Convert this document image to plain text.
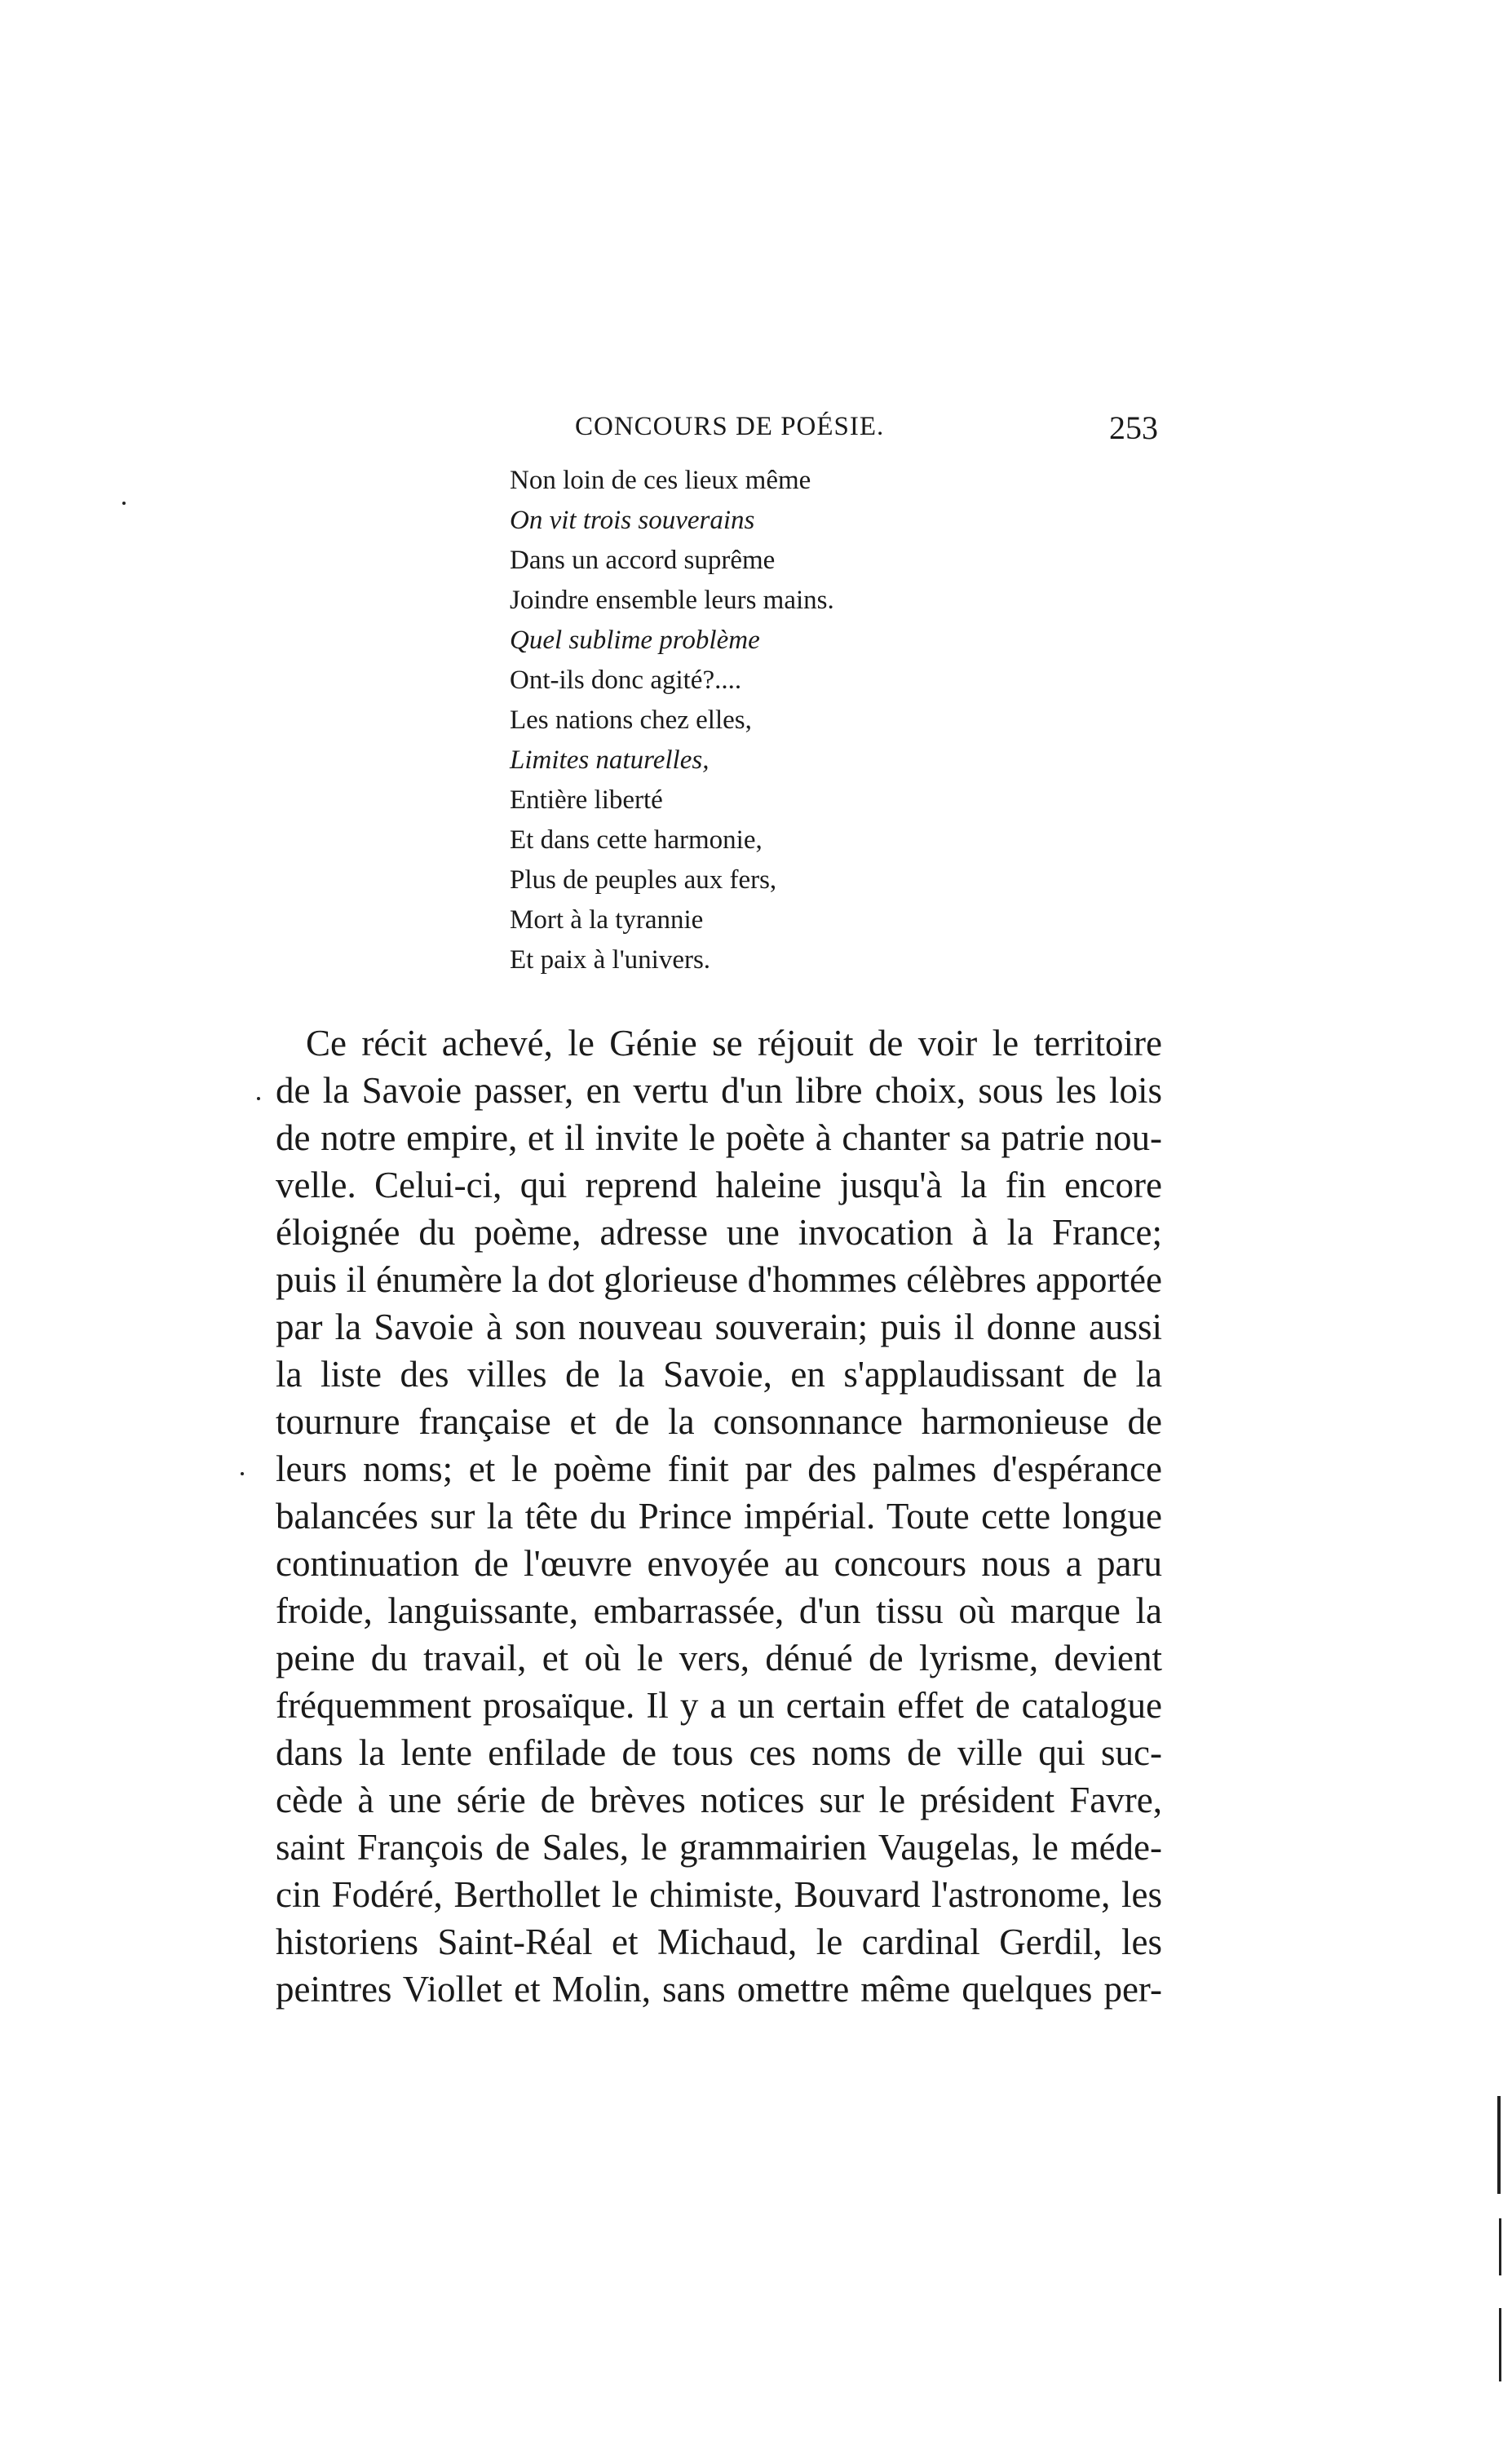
CONCOURS DE POÉSIE.	253
Non loin de ces lieux même
On vit trois souverains
Dans un accord suprême
Joindre ensemble leurs mains.
Quel sublime problème
Ont-ils donc agité?....
Les nations chez elles,
Limites naturelles,
Entière liberté
Et dans cette harmonie,
Plus de peuples aux fers,
Mort à la tyrannie
Et paix à l'univers.
Ce récit achevé, le Génie se réjouit de voir le territoire
de la Savoie passer, en vertu d'un libre choix, sous les lois
de notre empire, et il invite le poète à chanter sa patrie nou-
velle. Celui-ci, qui reprend haleine jusqu'à la fin encore
éloignée du poème, adresse une invocation à la France;
puis il énumère la dot glorieuse d'hommes célèbres apportée
par la Savoie à son nouveau souverain; puis il donne aussi
la liste des villes de la Savoie, en s'applaudissant de la
tournure française et de la consonnance harmonieuse de
leurs noms; et le poème finit par des palmes d'espérance
balancées sur la tête du Prince impérial. Toute cette longue
continuation de l'œuvre envoyée au concours nous a paru
froide, languissante, embarrassée, d'un tissu où marque la
peine du travail, et où le vers, dénué de lyrisme, devient
fréquemment prosaïque. Il y a un certain effet de catalogue
dans la lente enfilade de tous ces noms de ville qui suc-
cède à une série de brèves notices sur le président Favre,
saint François de Sales, le grammairien Vaugelas, le méde-
cin Fodéré, Berthollet le chimiste, Bouvard l'astronome, les
historiens Saint-Réal et Michaud, le cardinal Gerdil, les
peintres Viollet et Molin, sans omettre même quelques per-
